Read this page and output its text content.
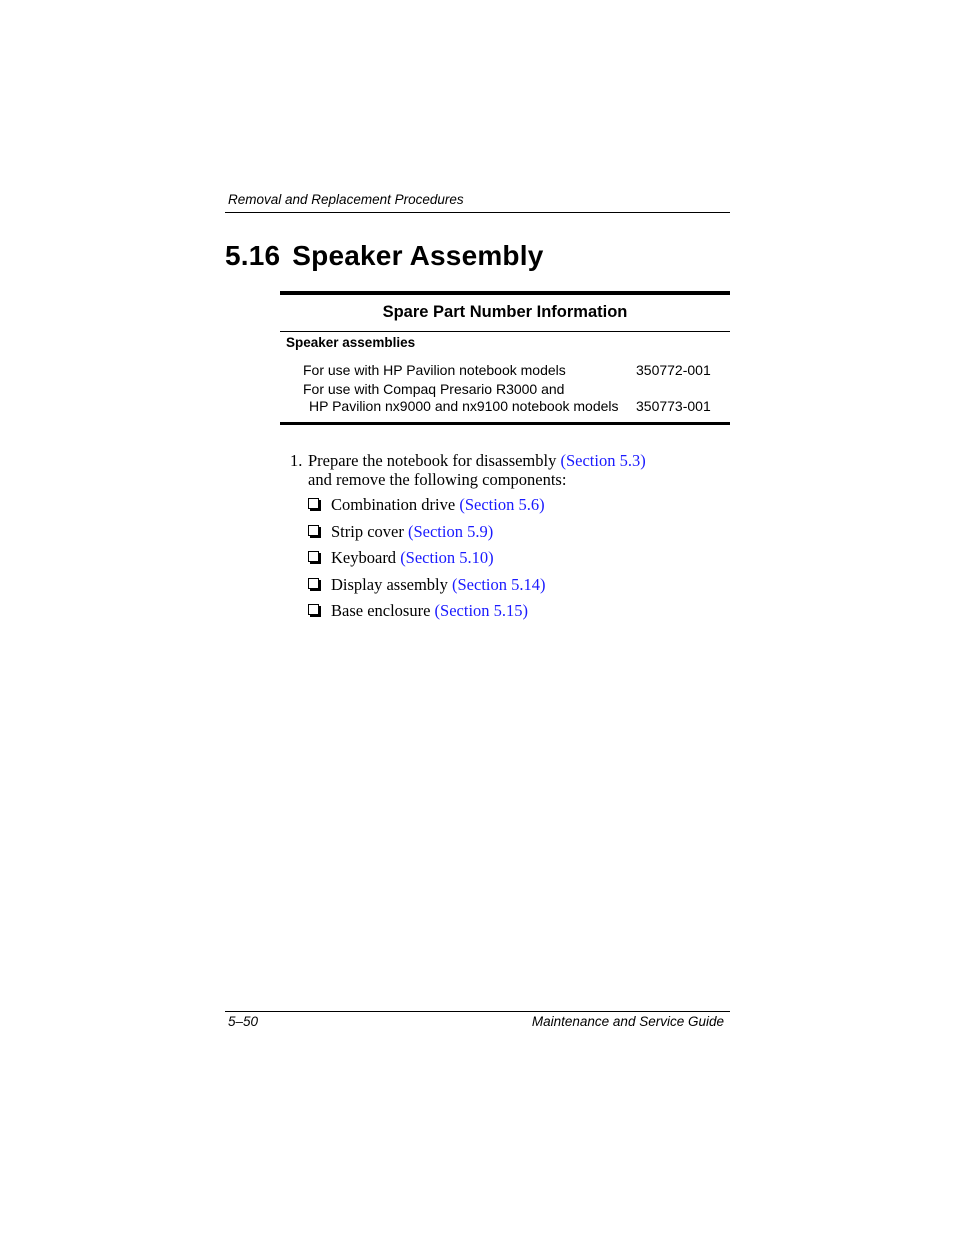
Removal and Replacement Procedures
5.16 Speaker Assembly
Spare Part Number Information
Speaker assemblies
For use with HP Pavilion notebook models	350772-001
For use with Compaq Presario R3000 and
HP Pavilion nx9000 and nx9100 notebook models	350773-001
1. Prepare the notebook for disassembly (Section 5.3)
and remove the following components:
Combination drive (Section 5.6)
Strip cover (Section 5.9)
Keyboard (Section 5.10)
Display assembly (Section 5.14)
Base enclosure (Section 5.15)
5–50	Maintenance and Service Guide
